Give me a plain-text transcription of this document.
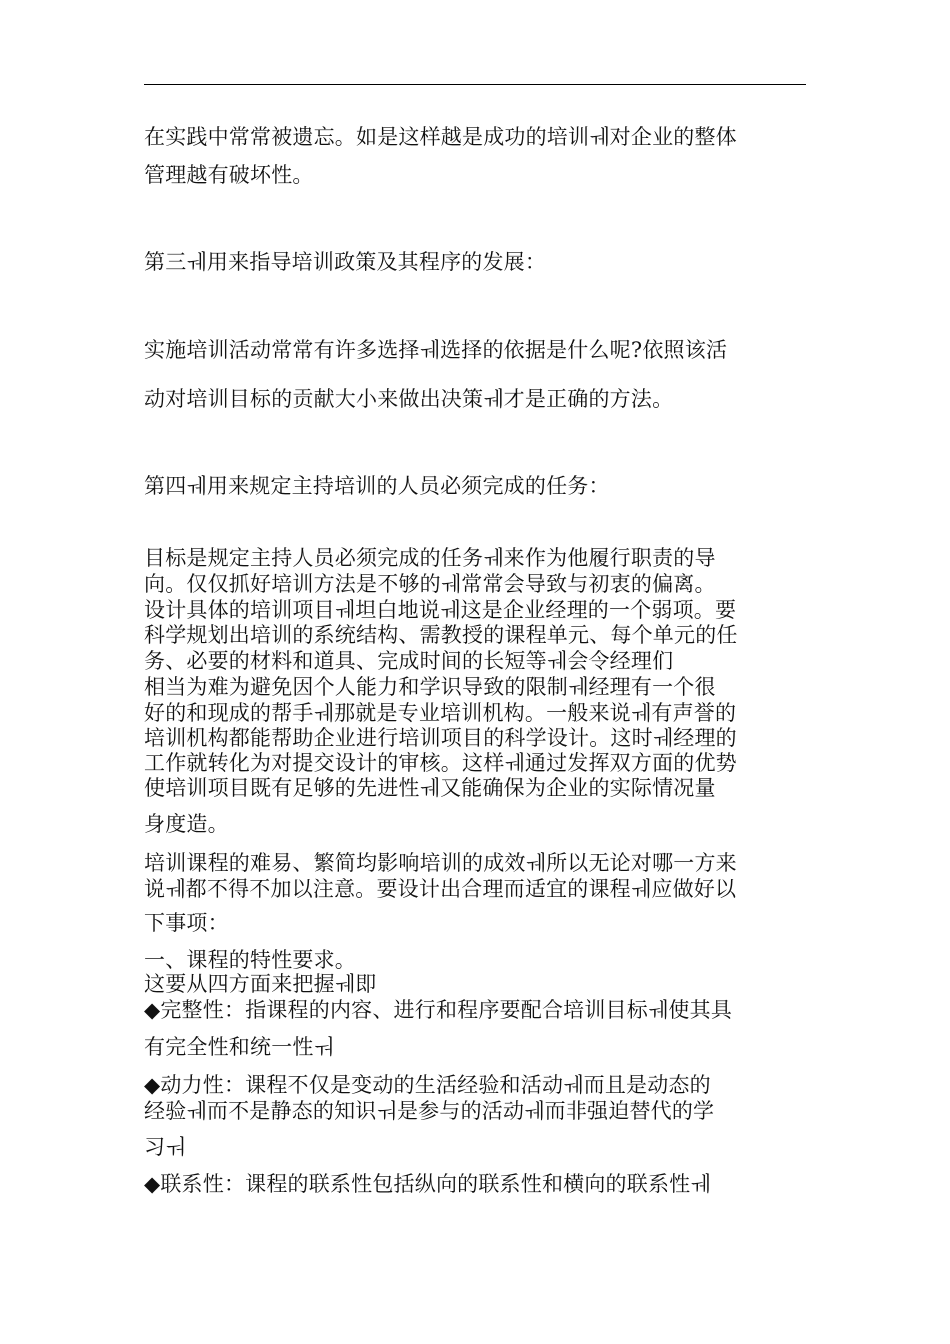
在实践中常常被遗忘。如是这样越是成功的培训ￕ对企业的整体
管理越有破坏性。
第三ￕ用来指导培训政策及其程序的发展：
实施培训活动常常有许多选择ￕ选择的依据是什么呢?依照该活
动对培训目标的贡献大小来做出决策ￕ才是正确的方法。
第四ￕ用来规定主持培训的人员必须完成的任务：
目标是规定主持人员必须完成的任务ￕ来作为他履行职责的导
向。仅仅抓好培训方法是不够的ￕ常常会导致与初衷的偏离。
设计具体的培训项目ￕ坦白地说ￕ这是企业经理的一个弱项。要
科学规划出培训的系统结构、需教授的课程单元、每个单元的任
务、必要的材料和道具、完成时间的长短等ￕ会令经理们
相当为难为避免因个人能力和学识导致的限制ￕ经理有一个很
好的和现成的帮手ￕ那就是专业培训机构。一般来说ￕ有声誉的
培训机构都能帮助企业进行培训项目的科学设计。这时ￕ经理的
工作就转化为对提交设计的审核。这样ￕ通过发挥双方面的优势
使培训项目既有足够的先进性ￕ又能确保为企业的实际情况量
身度造。
培训课程的难易、繁简均影响培训的成效ￕ所以无论对哪一方来
说ￕ都不得不加以注意。要设计出合理而适宜的课程ￕ应做好以
下事项：
一、课程的特性要求。
这要从四方面来把握ￕ即
◆完整性：指课程的内容、进行和程序要配合培训目标ￕ使其具
有完全性和统一性ￔ
◆动力性：课程不仅是变动的生活经验和活动ￕ而且是动态的
经验ￕ而不是静态的知识ￔ是参与的活动ￕ而非强迫替代的学
习ￔ
◆联系性：课程的联系性包括纵向的联系性和横向的联系性ￕ
